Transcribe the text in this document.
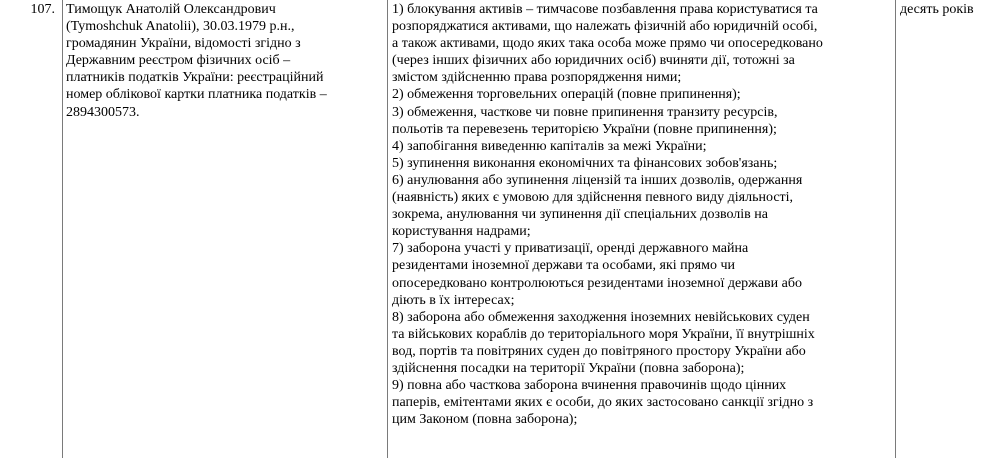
107. Тимощук Анатолій Олександрович
(Tymoshchuk Anatolii), 30.03.1979 р.н.,
громадянин України, відомості згідно з
Державним реєстром фізичних осіб –
платників податків України: реєстраційний
номер облікової картки платника податків –
2894300573.
1) блокування активів – тимчасове позбавлення права користуватися та
розпоряджатися активами, що належать фізичній або юридичній особі,
а також активами, щодо яких така особа може прямо чи опосередковано
(через інших фізичних або юридичних осіб) вчиняти дії, тотожні за
змістом здійсненню права розпорядження ними;
2) обмеження торговельних операцій (повне припинення);
3) обмеження, часткове чи повне припинення транзиту ресурсів,
польотів та перевезень територією України (повне припинення);
4) запобігання виведенню капіталів за межі України;
5) зупинення виконання економічних та фінансових зобов'язань;
6) анулювання або зупинення ліцензій та інших дозволів, одержання
(наявність) яких є умовою для здійснення певного виду діяльності,
зокрема, анулювання чи зупинення дії спеціальних дозволів на
користування надрами;
7) заборона участі у приватизації, оренді державного майна
резидентами іноземної держави та особами, які прямо чи
опосередковано контролюються резидентами іноземної держави або
діють в їх інтересах;
8) заборона або обмеження заходження іноземних невійськових суден
та військових кораблів до територіального моря України, її внутрішніх
вод, портів та повітряних суден до повітряного простору України або
здійснення посадки на території України (повна заборона);
9) повна або часткова заборона вчинення правочинів щодо цінних
паперів, емітентами яких є особи, до яких застосовано санкції згідно з
цим Законом (повна заборона);
десять років
